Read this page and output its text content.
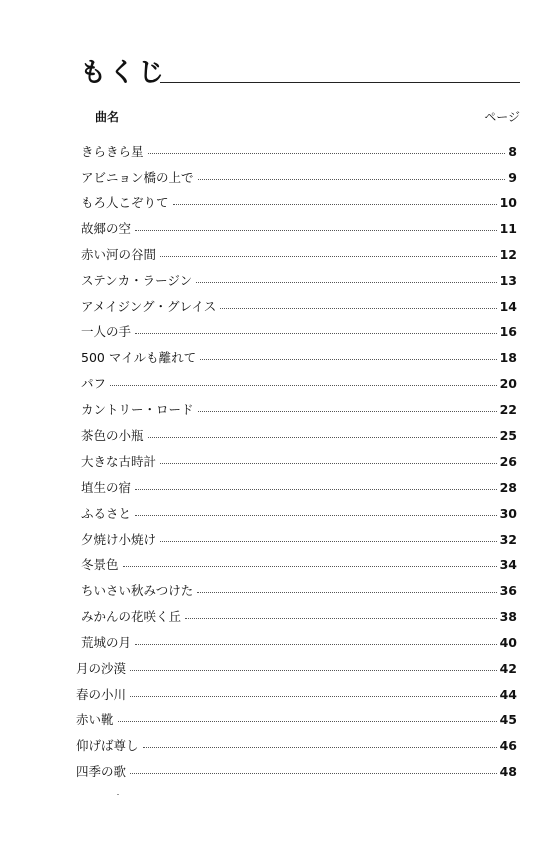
もくじ
曲名	ページ
きらきら星	8
アビニョン橋の上で	9
もろ人こぞりて	10
故郷の空	11
赤い河の谷間	12
ステンカ・ラージン	13
アメイジング・グレイス	14
一人の手	16
500 マイルも離れて	18
パフ	20
カントリー・ロード	22
茶色の小瓶	25
大きな古時計	26
埴生の宿	28
ふるさと	30
夕焼け小焼け	32
冬景色	34
ちいさい秋みつけた	36
みかんの花咲く丘	38
荒城の月	40
月の沙漠	42
春の小川	44
赤い靴	45
仰げば尊し	46
四季の歌	48
